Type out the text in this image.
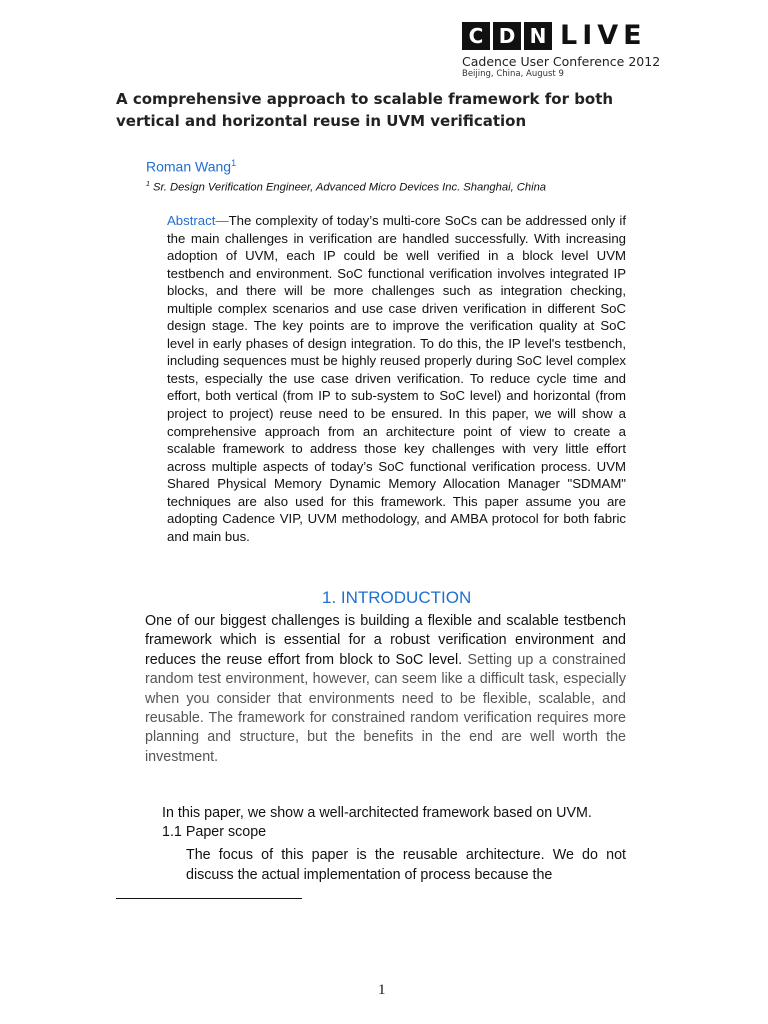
C D N LIVE
Cadence User Conference 2012
Beijing, China, August 9
A comprehensive approach to scalable framework for both vertical and horizontal reuse in UVM verification
Roman Wang$^1$
$^1$ Sr. Design Verification Engineer, Advanced Micro Devices Inc. Shanghai, China

Abstract—The complexity of today’s multi-core SoCs can be addressed only if the main challenges in verification are handled successfully. With increasing adoption of UVM, each IP could be well verified in a block level UVM testbench and environment. SoC functional verification involves integrated IP blocks, and there will be more challenges such as integration checking, multiple complex scenarios and use case driven verification in different SoC design stage. The key points are to improve the verification quality at SoC level in early phases of design integration. To do this, the IP level's testbench, including sequences must be highly reused properly during SoC level complex tests, especially the use case driven verification. To reduce cycle time and effort, both vertical (from IP to sub-system to SoC level) and horizontal (from project to project) reuse need to be ensured. In this paper, we will show a comprehensive approach from an architecture point of view to create a scalable framework to address those key challenges with very little effort across multiple aspects of today’s SoC functional verification process. UVM Shared Physical Memory Dynamic Memory Allocation Manager "SDMAM" techniques are also used for this framework. This paper assume you are adopting Cadence VIP, UVM methodology, and AMBA protocol for both fabric and main bus.

1. INTRODUCTION

One of our biggest challenges is building a flexible and scalable testbench framework which is essential for a robust verification environment and reduces the reuse effort from block to SoC level. Setting up a constrained random test environment, however, can seem like a difficult task, especially when you consider that environments need to be flexible, scalable, and reusable. The framework for constrained random verification requires more planning and structure, but the benefits in the end are well worth the investment.

In this paper, we show a well-architected framework based on UVM.

1.1 Paper scope

The focus of this paper is the reusable architecture. We do not discuss the actual implementation of process because the

1
